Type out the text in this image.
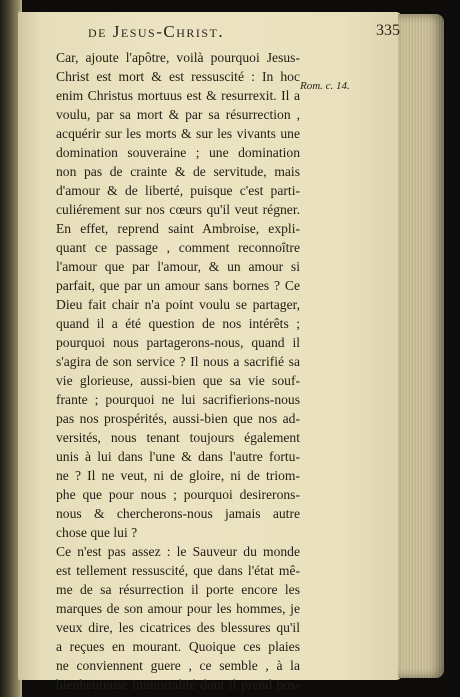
de Jesus-Christ.	335
Rom. c. 14.
Car, ajoute l'apôtre, voilà pourquoi Jesus-
Christ est mort & est ressuscité : In hoc
enim Christus mortuus est & resurrexit. Il a
voulu, par sa mort & par sa résurrection ,
acquérir sur les morts & sur les vivants une
domination souveraine ; une domination
non pas de crainte & de servitude, mais
d'amour & de liberté, puisque c'est parti-
culiérement sur nos cœurs qu'il veut régner.
En effet, reprend saint Ambroise, expli-
quant ce passage , comment reconnoître
l'amour que par l'amour, & un amour si
parfait, que par un amour sans bornes ? Ce
Dieu fait chair n'a point voulu se partager,
quand il a été question de nos intérêts ;
pourquoi nous partagerons-nous, quand il
s'agira de son service ? Il nous a sacrifié sa
vie glorieuse, aussi-bien que sa vie souf-
frante ; pourquoi ne lui sacrifierions-nous
pas nos prospérités, aussi-bien que nos ad-
versités, nous tenant toujours également
unis à lui dans l'une & dans l'autre fortu-
ne ? Il ne veut, ni de gloire, ni de triom-
phe que pour nous ; pourquoi desirerons-
nous & chercherons-nous jamais autre
chose que lui ?
Ce n'est pas assez : le Sauveur du monde
est tellement ressuscité, que dans l'état mê-
me de sa résurrection il porte encore les
marques de son amour pour les hommes, je
veux dire, les cicatrices des blessures qu'il
a reçues en mourant. Quoique ces plaies
ne conviennent guere , ce semble , à la
bienheureuse immortalité dont il prend pos-
